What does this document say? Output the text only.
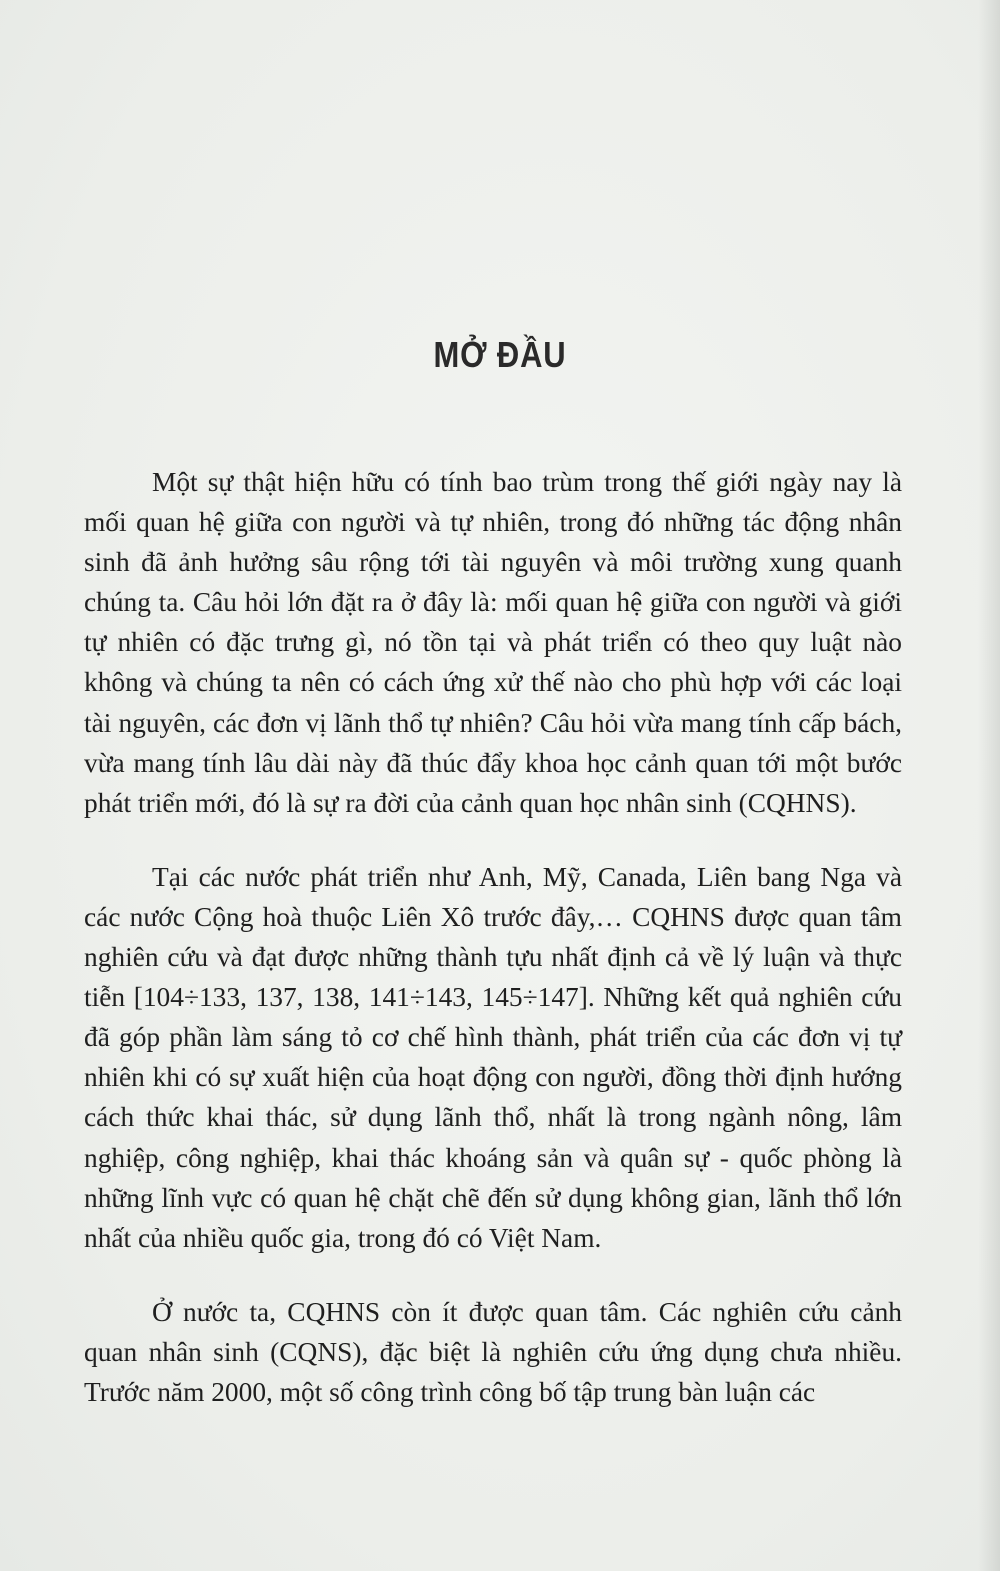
MỞ ĐẦU

Một sự thật hiện hữu có tính bao trùm trong thế giới ngày nay là mối quan hệ giữa con người và tự nhiên, trong đó những tác động nhân sinh đã ảnh hưởng sâu rộng tới tài nguyên và môi trường xung quanh chúng ta. Câu hỏi lớn đặt ra ở đây là: mối quan hệ giữa con người và giới tự nhiên có đặc trưng gì, nó tồn tại và phát triển có theo quy luật nào không và chúng ta nên có cách ứng xử thế nào cho phù hợp với các loại tài nguyên, các đơn vị lãnh thổ tự nhiên? Câu hỏi vừa mang tính cấp bách, vừa mang tính lâu dài này đã thúc đẩy khoa học cảnh quan tới một bước phát triển mới, đó là sự ra đời của cảnh quan học nhân sinh (CQHNS).

Tại các nước phát triển như Anh, Mỹ, Canada, Liên bang Nga và các nước Cộng hoà thuộc Liên Xô trước đây,… CQHNS được quan tâm nghiên cứu và đạt được những thành tựu nhất định cả về lý luận và thực tiễn [104÷133, 137, 138, 141÷143, 145÷147]. Những kết quả nghiên cứu đã góp phần làm sáng tỏ cơ chế hình thành, phát triển của các đơn vị tự nhiên khi có sự xuất hiện của hoạt động con người, đồng thời định hướng cách thức khai thác, sử dụng lãnh thổ, nhất là trong ngành nông, lâm nghiệp, công nghiệp, khai thác khoáng sản và quân sự - quốc phòng là những lĩnh vực có quan hệ chặt chẽ đến sử dụng không gian, lãnh thổ lớn nhất của nhiều quốc gia, trong đó có Việt Nam.

Ở nước ta, CQHNS còn ít được quan tâm. Các nghiên cứu cảnh quan nhân sinh (CQNS), đặc biệt là nghiên cứu ứng dụng chưa nhiều. Trước năm 2000, một số công trình công bố tập trung bàn luận các
